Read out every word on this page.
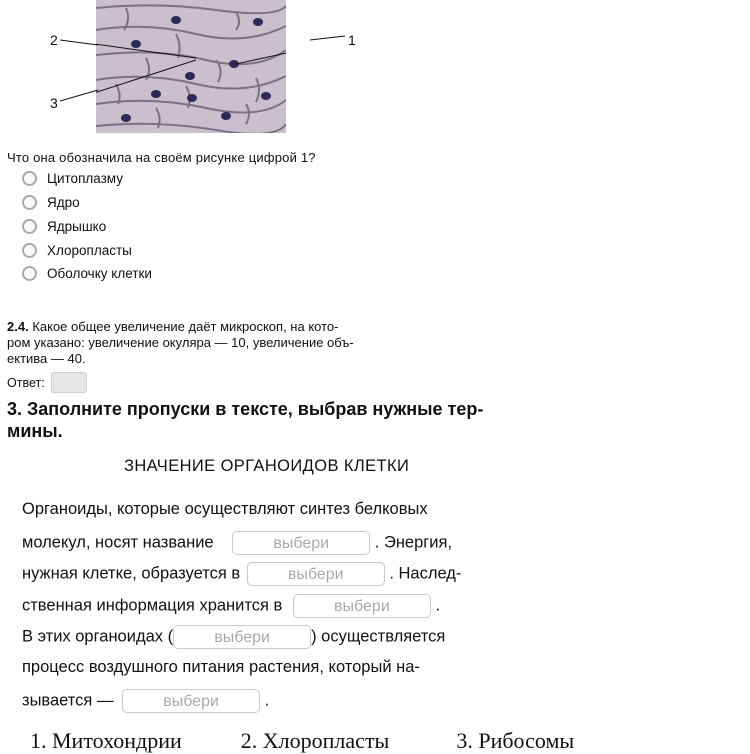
2	1
3
Что она обозначила на своём рисунке цифрой 1?
Цитоплазму
Ядро
Ядрышко
Хлоропласты
Оболочку клетки
2.4. Какое общее увеличение даёт микроскоп, на кото-
ром указано: увеличение окуляра — 10, увеличение объ-
ектива — 40.
Ответ:
3. Заполните пропуски в тексте, выбрав нужные тер-
мины.
ЗНАЧЕНИЕ ОРГАНОИДОВ КЛЕТКИ
Органоиды, которые осуществляют синтез белковых
молекул, носят название	выбери	. Энергия,
нужная клетке, образуется в	выбери	. Наслед-
ственная информация хранится в	выбери	.
В этих органоидах (	выбери ) осуществляется
процесс воздушного питания растения, который на-
зывается —	выбери	.
1. Митохондрии	2. Хлоропласты	3. Рибосомы
